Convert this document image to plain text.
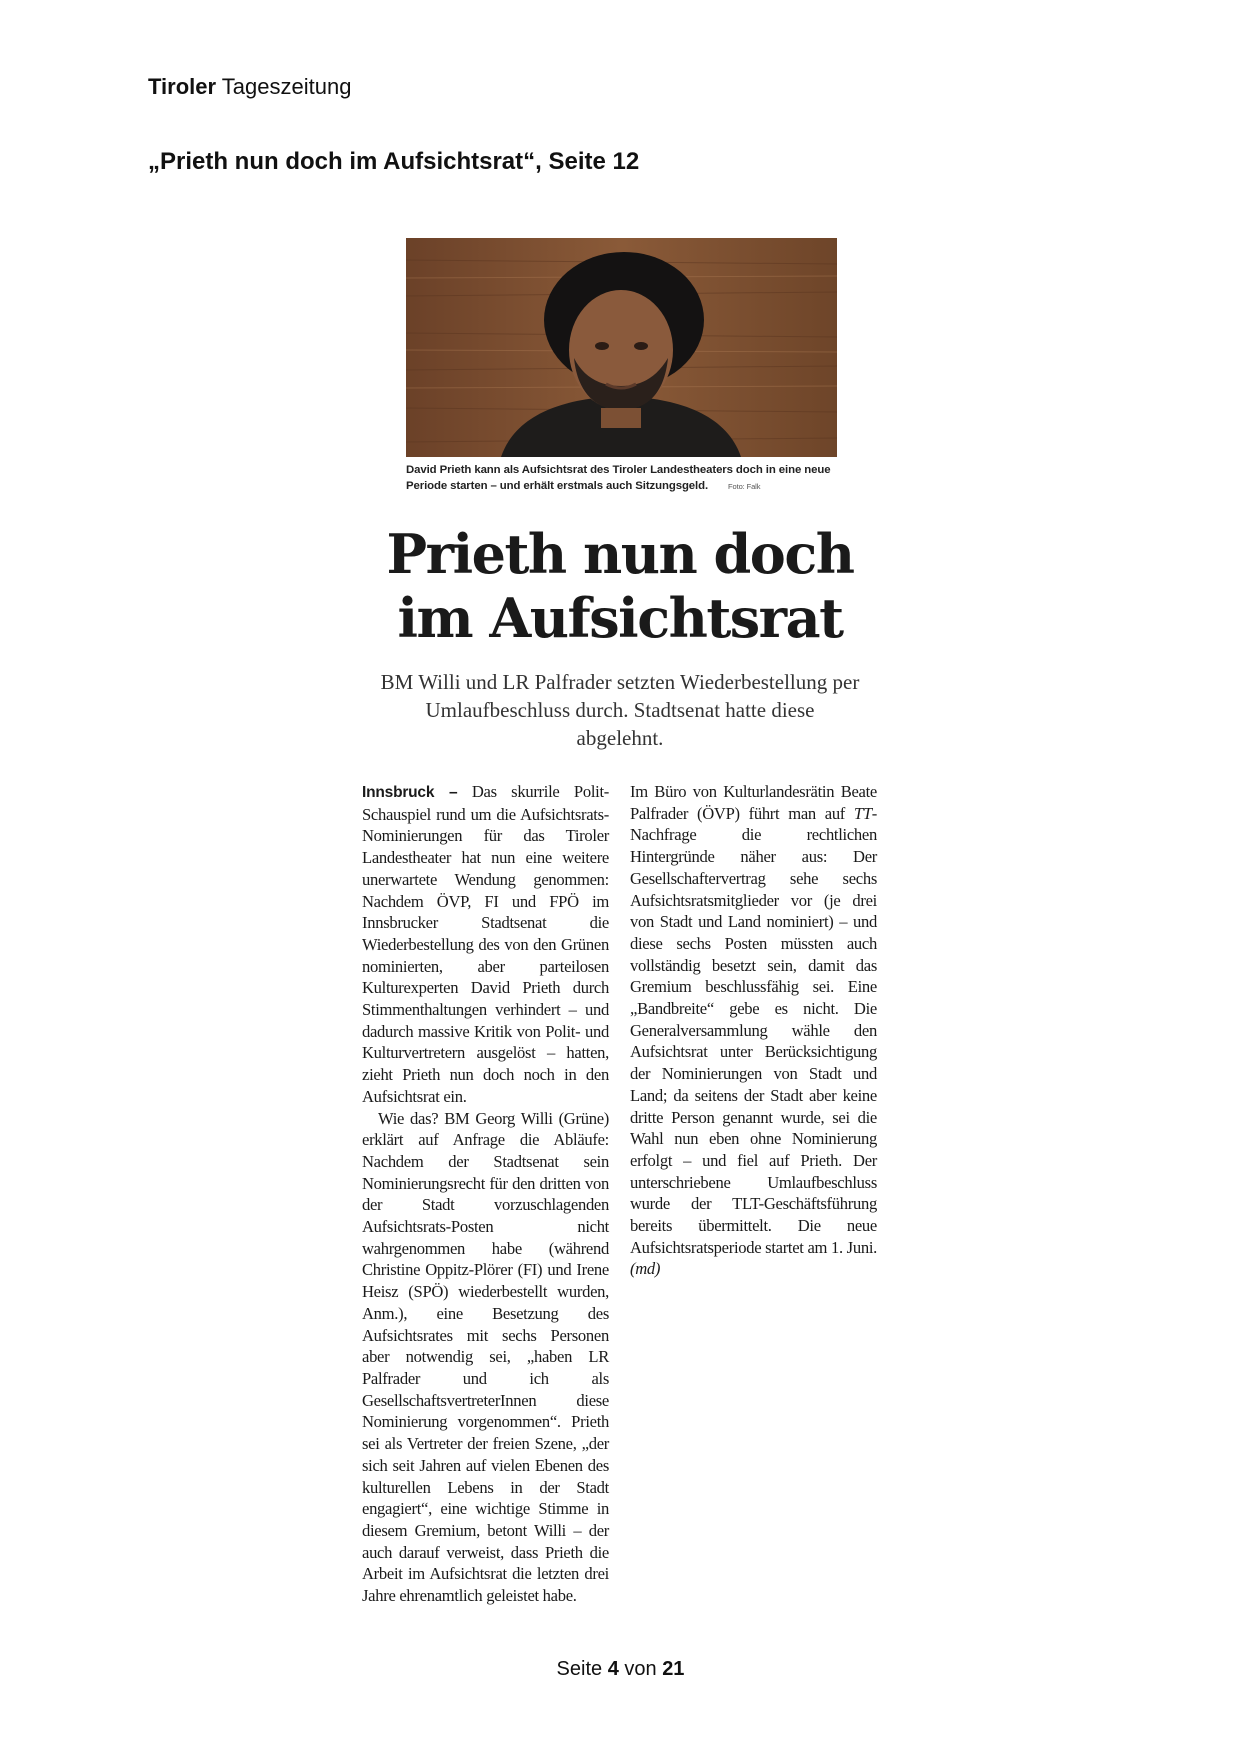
Tiroler Tageszeitung
„Prieth nun doch im Aufsichtsrat“, Seite 12
David Prieth kann als Aufsichtsrat des Tiroler Landestheaters doch in eine neue Periode starten – und erhält erstmals auch Sitzungsgeld.	Foto: Falk
Prieth nun doch
im Aufsichtsrat
BM Willi und LR Palfrader setzten Wiederbestellung per Umlaufbeschluss durch. Stadtsenat hatte diese abgelehnt.

Innsbruck – Das skurrile Polit-Schauspiel rund um die Aufsichtsrats-Nominierungen für das Tiroler Landestheater hat nun eine weitere unerwartete Wendung genommen: Nachdem ÖVP, FI und FPÖ im Innsbrucker Stadtsenat die Wiederbestellung des von den Grünen nominierten, aber parteilosen Kulturexperten David Prieth durch Stimmenthaltungen verhindert – und dadurch massive Kritik von Polit- und Kulturvertretern ausgelöst – hatten, zieht Prieth nun doch noch in den Aufsichtsrat ein.

Wie das? BM Georg Willi (Grüne) erklärt auf Anfrage die Abläufe: Nachdem der Stadtsenat sein Nominierungsrecht für den dritten von der Stadt vorzuschlagenden Aufsichtsrats-Posten nicht wahrgenommen habe (während Christine Oppitz-Plörer (FI) und Irene Heisz (SPÖ) wiederbestellt wurden, Anm.), eine Besetzung des Aufsichtsrates mit sechs Personen aber notwendig sei, „haben LR Palfrader und ich als GesellschaftsvertreterInnen diese Nominierung vorgenommen“. Prieth sei als Vertreter der freien Szene, „der sich seit Jahren auf vielen Ebenen des kulturellen Lebens in der Stadt engagiert“, eine wichtige Stimme in diesem Gremium, betont Willi – der auch darauf verweist, dass Prieth die Arbeit im Aufsichtsrat die letzten drei Jahre ehrenamtlich geleistet habe.

Im Büro von Kulturlandesrätin Beate Palfrader (ÖVP) führt man auf TT-Nachfrage die rechtlichen Hintergründe näher aus: Der Gesellschaftervertrag sehe sechs Aufsichtsratsmitglieder vor (je drei von Stadt und Land nominiert) – und diese sechs Posten müssten auch vollständig besetzt sein, damit das Gremium beschlussfähig sei. Eine „Bandbreite“ gebe es nicht. Die Generalversammlung wähle den Aufsichtsrat unter Berücksichtigung der Nominierungen von Stadt und Land; da seitens der Stadt aber keine dritte Person genannt wurde, sei die Wahl nun eben ohne Nominierung erfolgt – und fiel auf Prieth. Der unterschriebene Umlaufbeschluss wurde der TLT-Geschäftsführung bereits übermittelt. Die neue Aufsichtsratsperiode startet am 1. Juni. (md)

Seite 4 von 21
